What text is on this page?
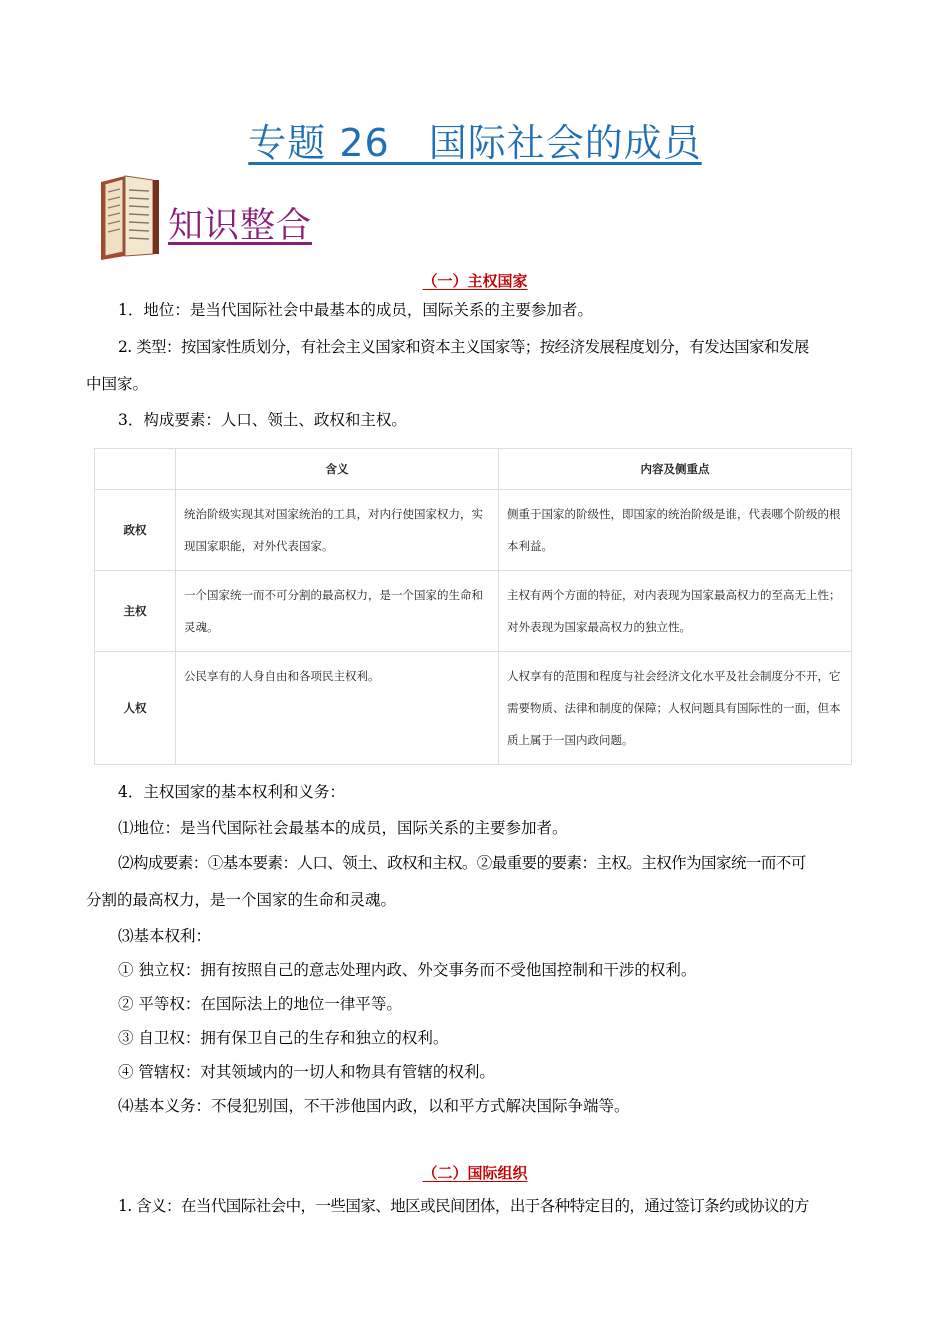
专题 26　国际社会的成员
知识整合
（一）主权国家
1．地位：是当代国际社会中最基本的成员，国际关系的主要参加者。
2. 类型：按国家性质划分，有社会主义国家和资本主义国家等；按经济发展程度划分，有发达国家和发展
中国家。
3．构成要素：人口、领土、政权和主权。
	含义	内容及侧重点
政权	统治阶级实现其对国家统治的工具，对内行使国家权力，实现国家职能，对外代表国家。	侧重于国家的阶级性，即国家的统治阶级是谁，代表哪个阶级的根本利益。
主权	一个国家统一而不可分割的最高权力，是一个国家的生命和灵魂。	主权有两个方面的特征，对内表现为国家最高权力的至高无上性；对外表现为国家最高权力的独立性。
人权	公民享有的人身自由和各项民主权利。	人权享有的范围和程度与社会经济文化水平及社会制度分不开，它需要物质、法律和制度的保障；人权问题具有国际性的一面，但本质上属于一国内政问题。
4．主权国家的基本权利和义务：
⑴地位：是当代国际社会最基本的成员，国际关系的主要参加者。
⑵构成要素：①基本要素：人口、领土、政权和主权。②最重要的要素：主权。主权作为国家统一而不可
分割的最高权力，是一个国家的生命和灵魂。
⑶基本权利：
① 独立权：拥有按照自己的意志处理内政、外交事务而不受他国控制和干涉的权利。
② 平等权：在国际法上的地位一律平等。
③ 自卫权：拥有保卫自己的生存和独立的权利。
④ 管辖权：对其领域内的一切人和物具有管辖的权利。
⑷基本义务：不侵犯别国，不干涉他国内政，以和平方式解决国际争端等。
（二）国际组织
1. 含义：在当代国际社会中，一些国家、地区或民间团体，出于各种特定目的，通过签订条约或协议的方
